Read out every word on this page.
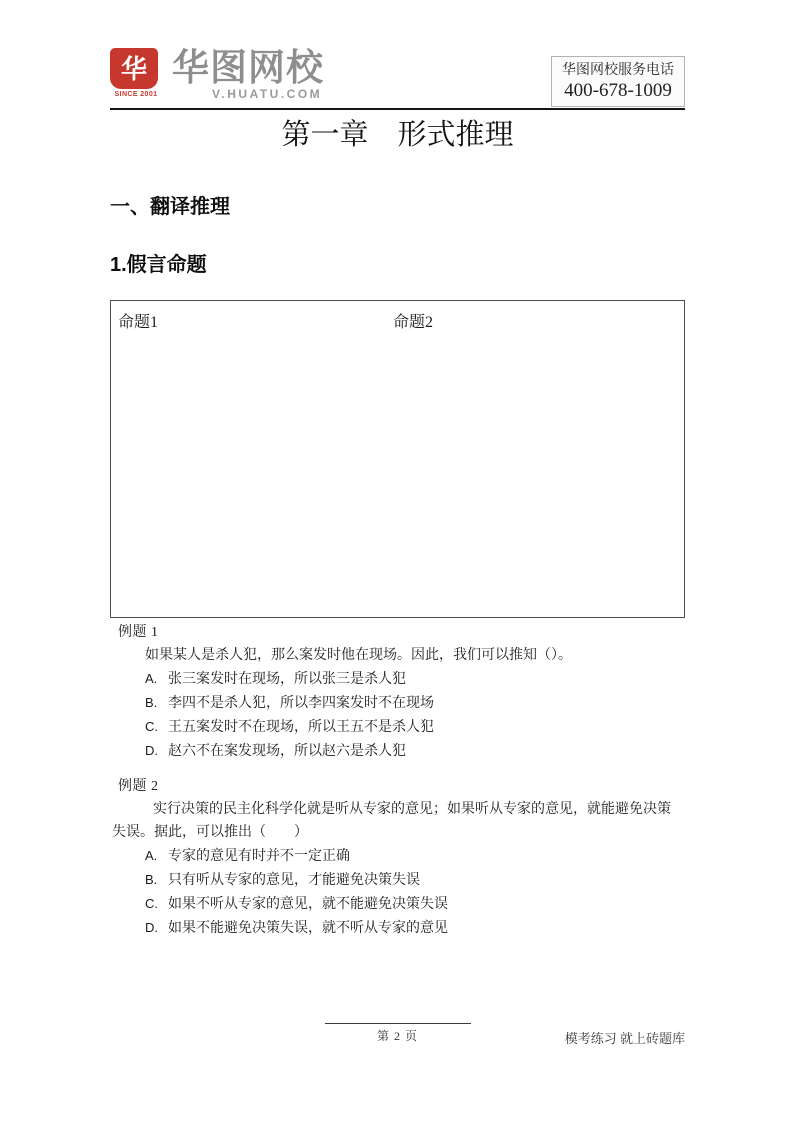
华
SINCE 2001
华图网校
V.HUATU.COM
华图网校服务电话
400-678-1009
第一章　形式推理
一、翻译推理
1.假言命题
命题1	命题2
例题 1
如果某人是杀人犯，那么案发时他在现场。因此，我们可以推知（）。
A. 张三案发时在现场，所以张三是杀人犯
B. 李四不是杀人犯，所以李四案发时不在现场
C. 王五案发时不在现场，所以王五不是杀人犯
D. 赵六不在案发现场，所以赵六是杀人犯
例题 2
实行决策的民主化科学化就是听从专家的意见；如果听从专家的意见，就能避免决策
失误。据此，可以推出（　　）
A. 专家的意见有时并不一定正确
B. 只有听从专家的意见，才能避免决策失误
C. 如果不听从专家的意见，就不能避免决策失误
D. 如果不能避免决策失误，就不听从专家的意见
第 2 页	模考练习 就上砖题库
